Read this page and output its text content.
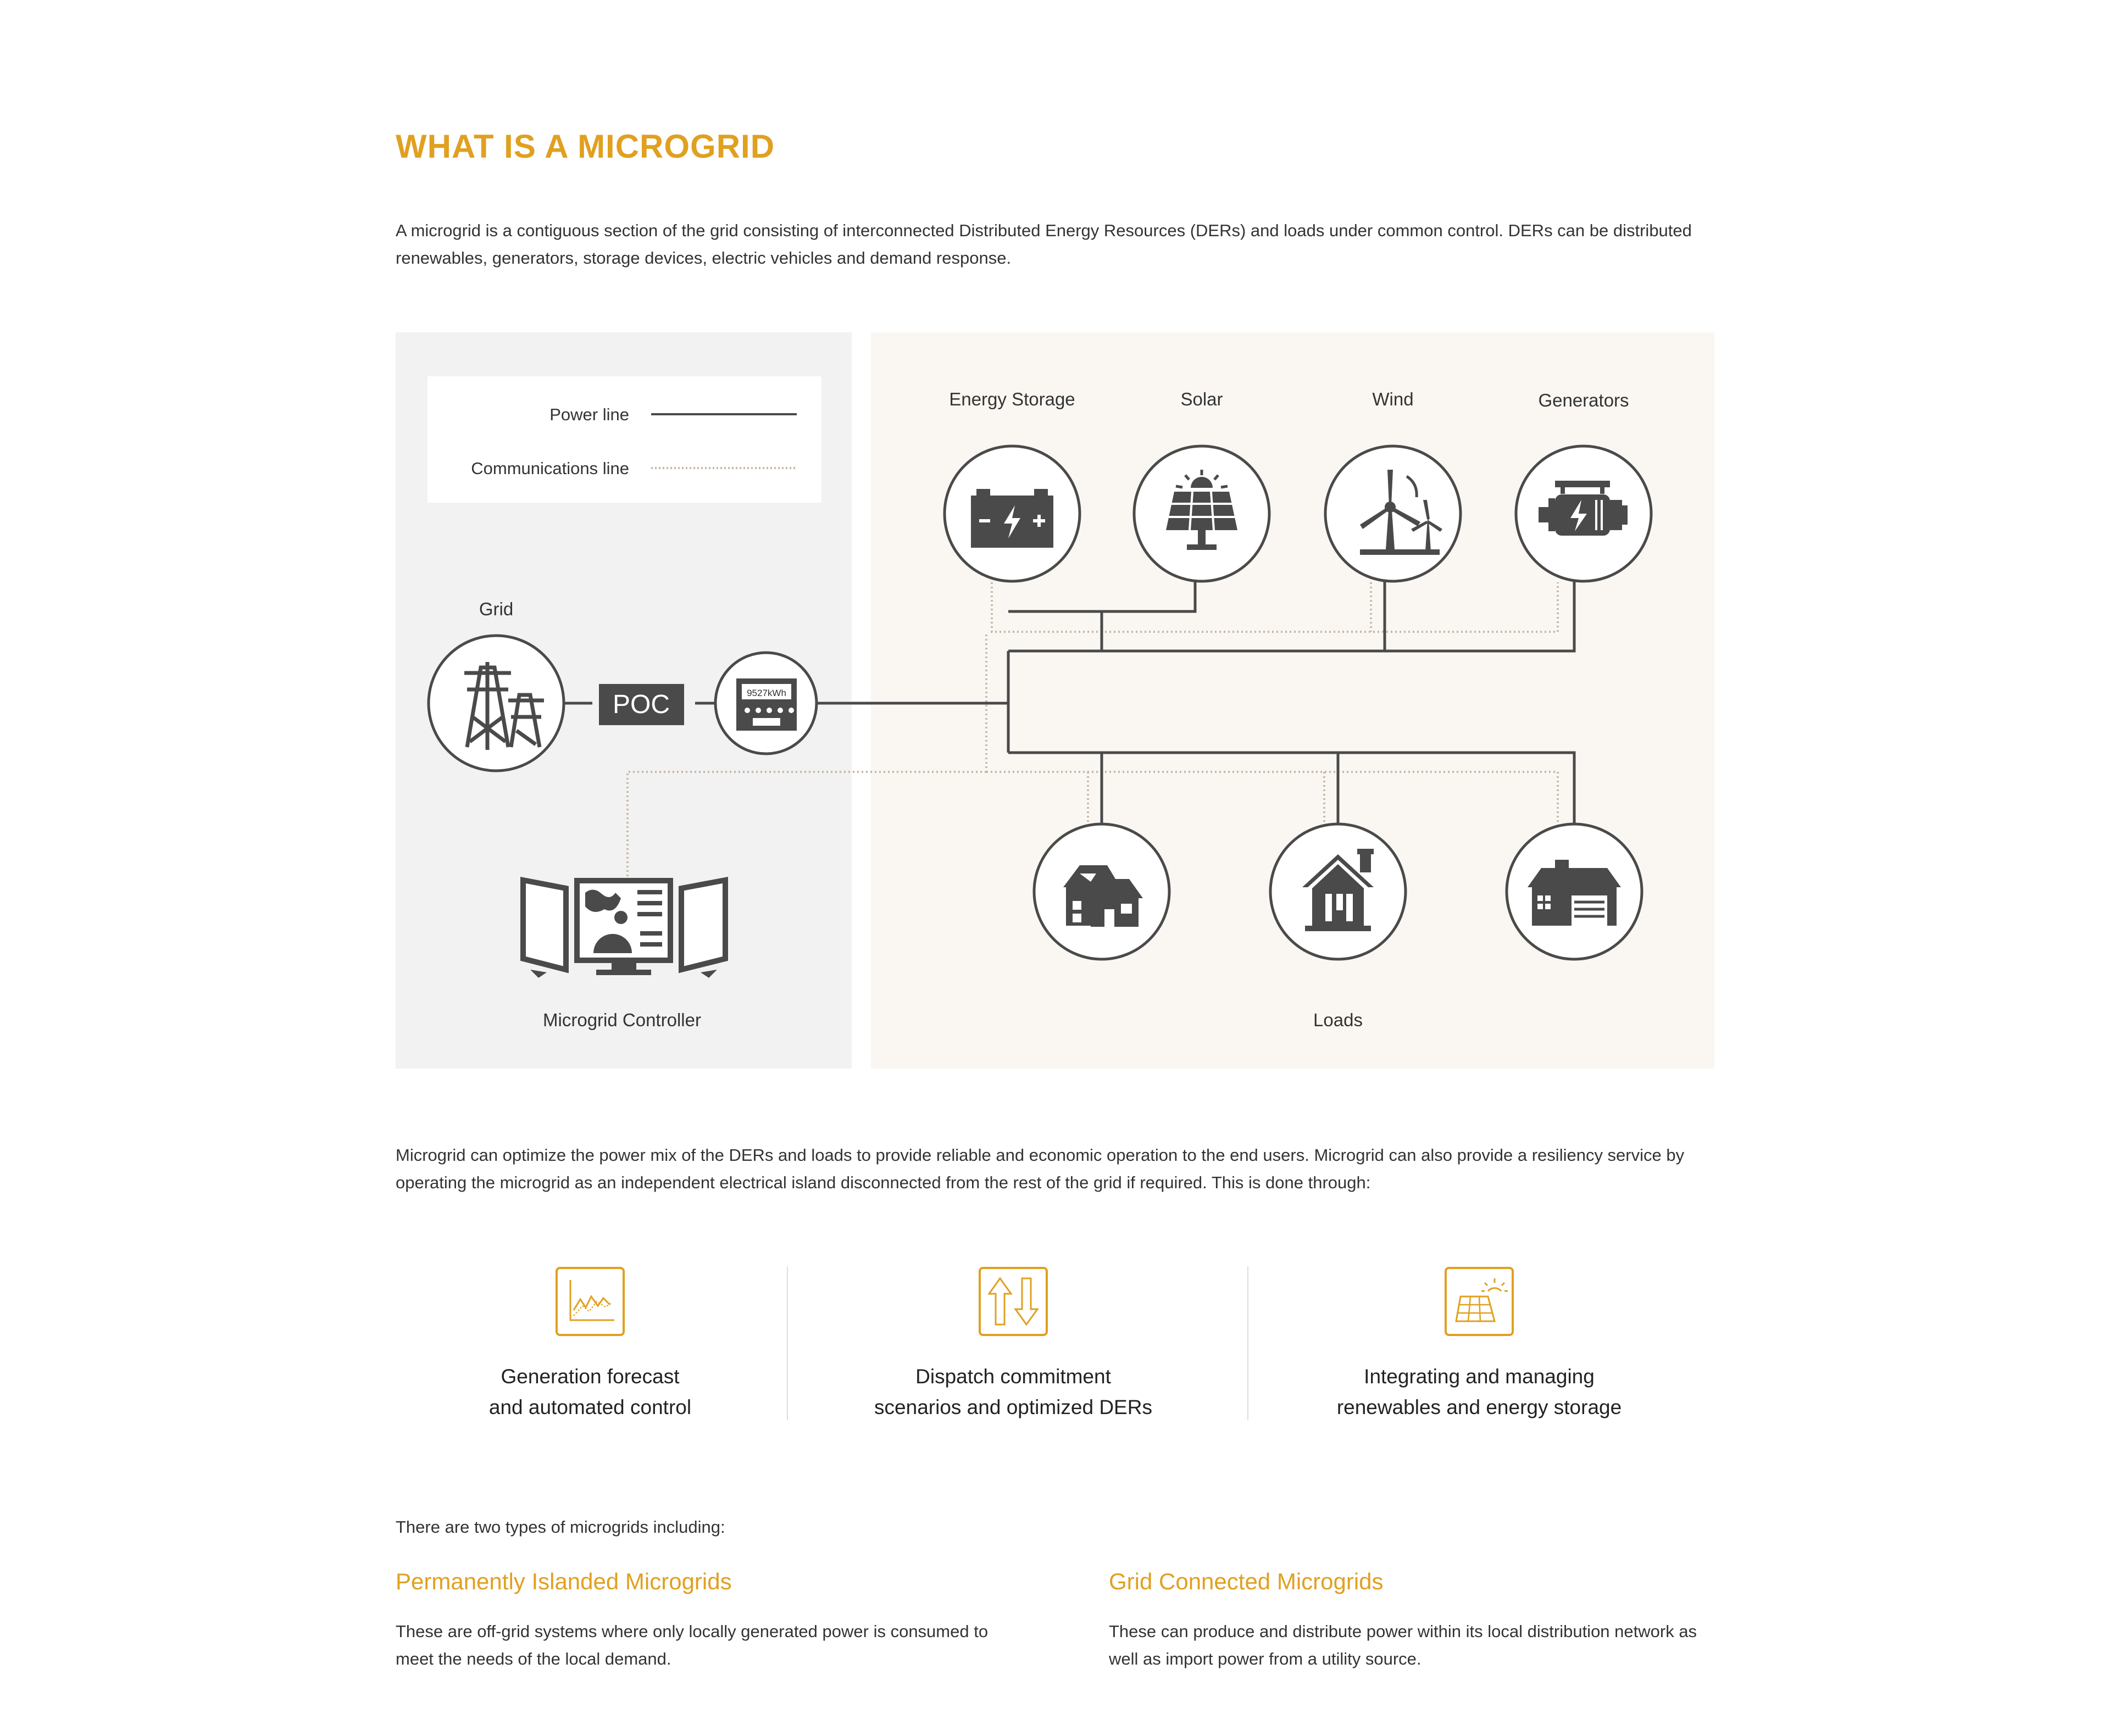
WHAT IS A MICROGRID
A microgrid is a contiguous section of the grid consisting of interconnected Distributed Energy Resources (DERs) and loads under common control. DERs can be distributed renewables, generators, storage devices, electric vehicles and demand response.
Power line
Communications line
Grid
POC	9527kWh
Microgrid Controller
Energy Storage	Solar	Wind	Generators
Loads
Microgrid can optimize the power mix of the DERs and loads to provide reliable and economic operation to the end users. Microgrid can also provide a resiliency service by operating the microgrid as an independent electrical island disconnected from the rest of the grid if required. This is done through:
Generation forecast
and automated control
Dispatch commitment
scenarios and optimized DERs
Integrating and managing
renewables and energy storage
There are two types of microgrids including:
Permanently Islanded Microgrids
These are off-grid systems where only locally generated power is consumed to meet the needs of the local demand.
Grid Connected Microgrids
These can produce and distribute power within its local distribution network as well as import power from a utility source.
